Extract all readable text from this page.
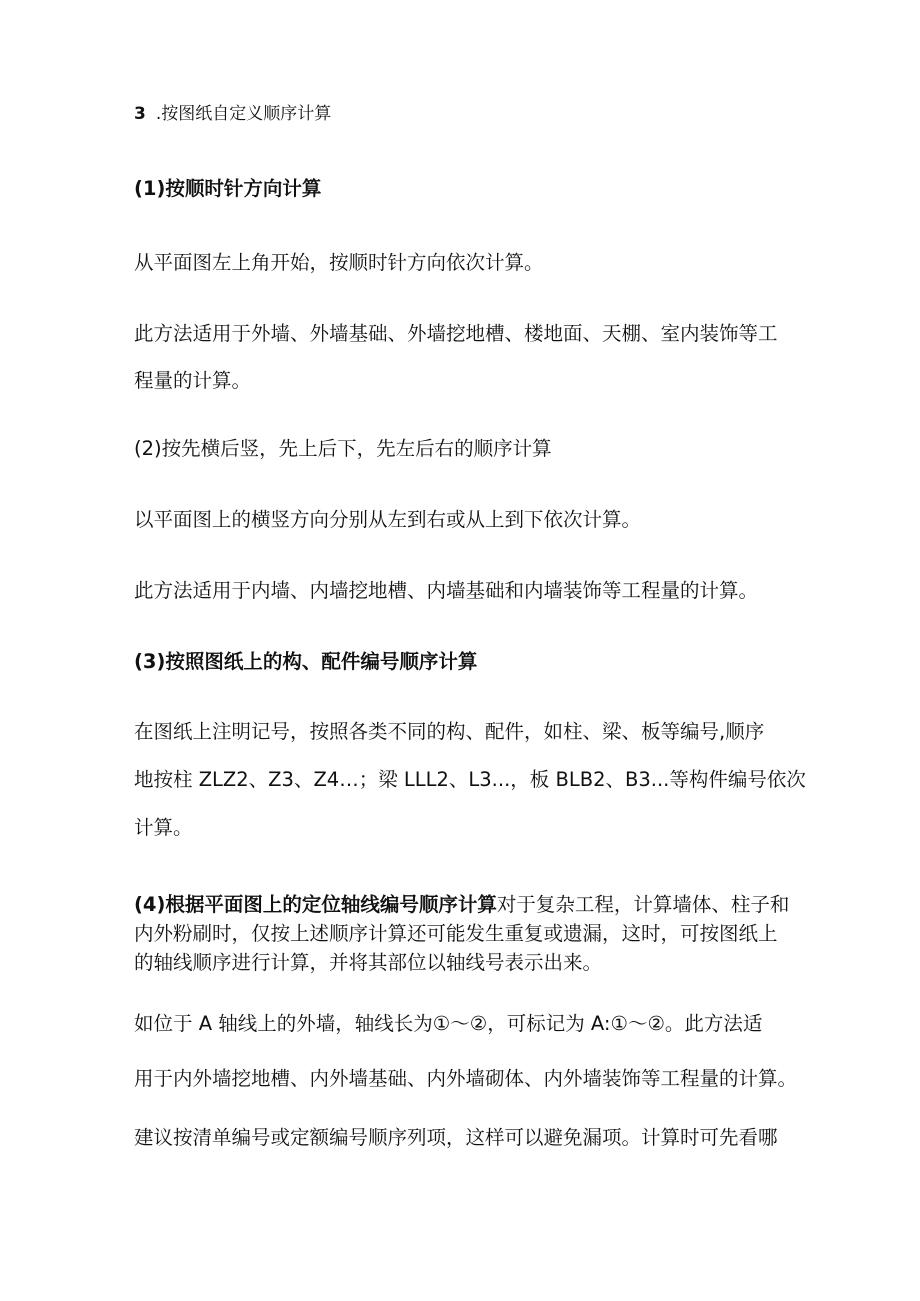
3 .按图纸自定义顺序计算
(1)按顺时针方向计算
从平面图左上角开始，按顺时针方向依次计算。
此方法适用于外墙、外墙基础、外墙挖地槽、楼地面、天棚、室内装饰等工
程量的计算。
(2)按先横后竖，先上后下，先左后右的顺序计算
以平面图上的横竖方向分别从左到右或从上到下依次计算。
此方法适用于内墙、内墙挖地槽、内墙基础和内墙装饰等工程量的计算。
(3)按照图纸上的构、配件编号顺序计算
在图纸上注明记号，按照各类不同的构、配件，如柱、梁、板等编号,顺序
地按柱 ZLZ2、Z3、Z4…；梁 LLL2、L3...，板 BLB2、B3...等构件编号依次
计算。
(4)根据平面图上的定位轴线编号顺序计算对于复杂工程，计算墙体、柱子和内外粉刷时，仅按上述顺序计算还可能发生重复或遗漏，这时，可按图纸上的轴线顺序进行计算，并将其部位以轴线号表示出来。
如位于 A 轴线上的外墙，轴线长为①～②，可标记为 A:①～②。此方法适
用于内外墙挖地槽、内外墙基础、内外墙砌体、内外墙装饰等工程量的计算。
建议按清单编号或定额编号顺序列项，这样可以避免漏项。计算时可先看哪
